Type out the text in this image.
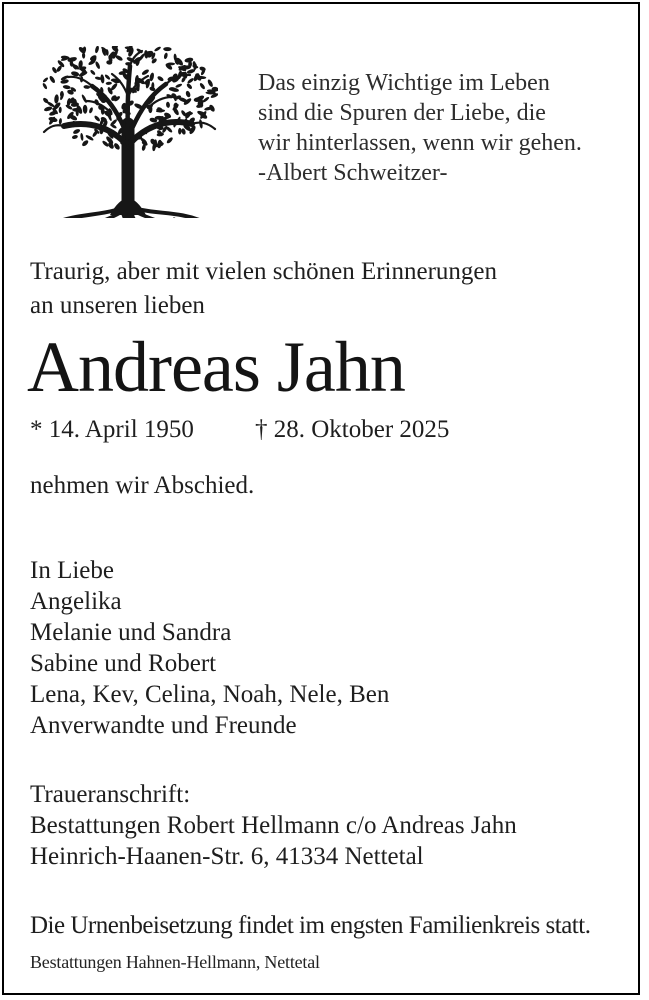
Das einzig Wichtige im Leben
sind die Spuren der Liebe, die
wir hinterlassen, wenn wir gehen.
-Albert Schweitzer-
Traurig, aber mit vielen schönen Erinnerungen
an unseren lieben
Andreas Jahn
* 14. April 1950 † 28. Oktober 2025
nehmen wir Abschied.
In Liebe
Angelika
Melanie und Sandra
Sabine und Robert
Lena, Kev, Celina, Noah, Nele, Ben
Anverwandte und Freunde
Traueranschrift:
Bestattungen Robert Hellmann c/o Andreas Jahn
Heinrich-Haanen-Str. 6, 41334 Nettetal
Die Urnenbeisetzung findet im engsten Familienkreis statt.
Bestattungen Hahnen-Hellmann, Nettetal
